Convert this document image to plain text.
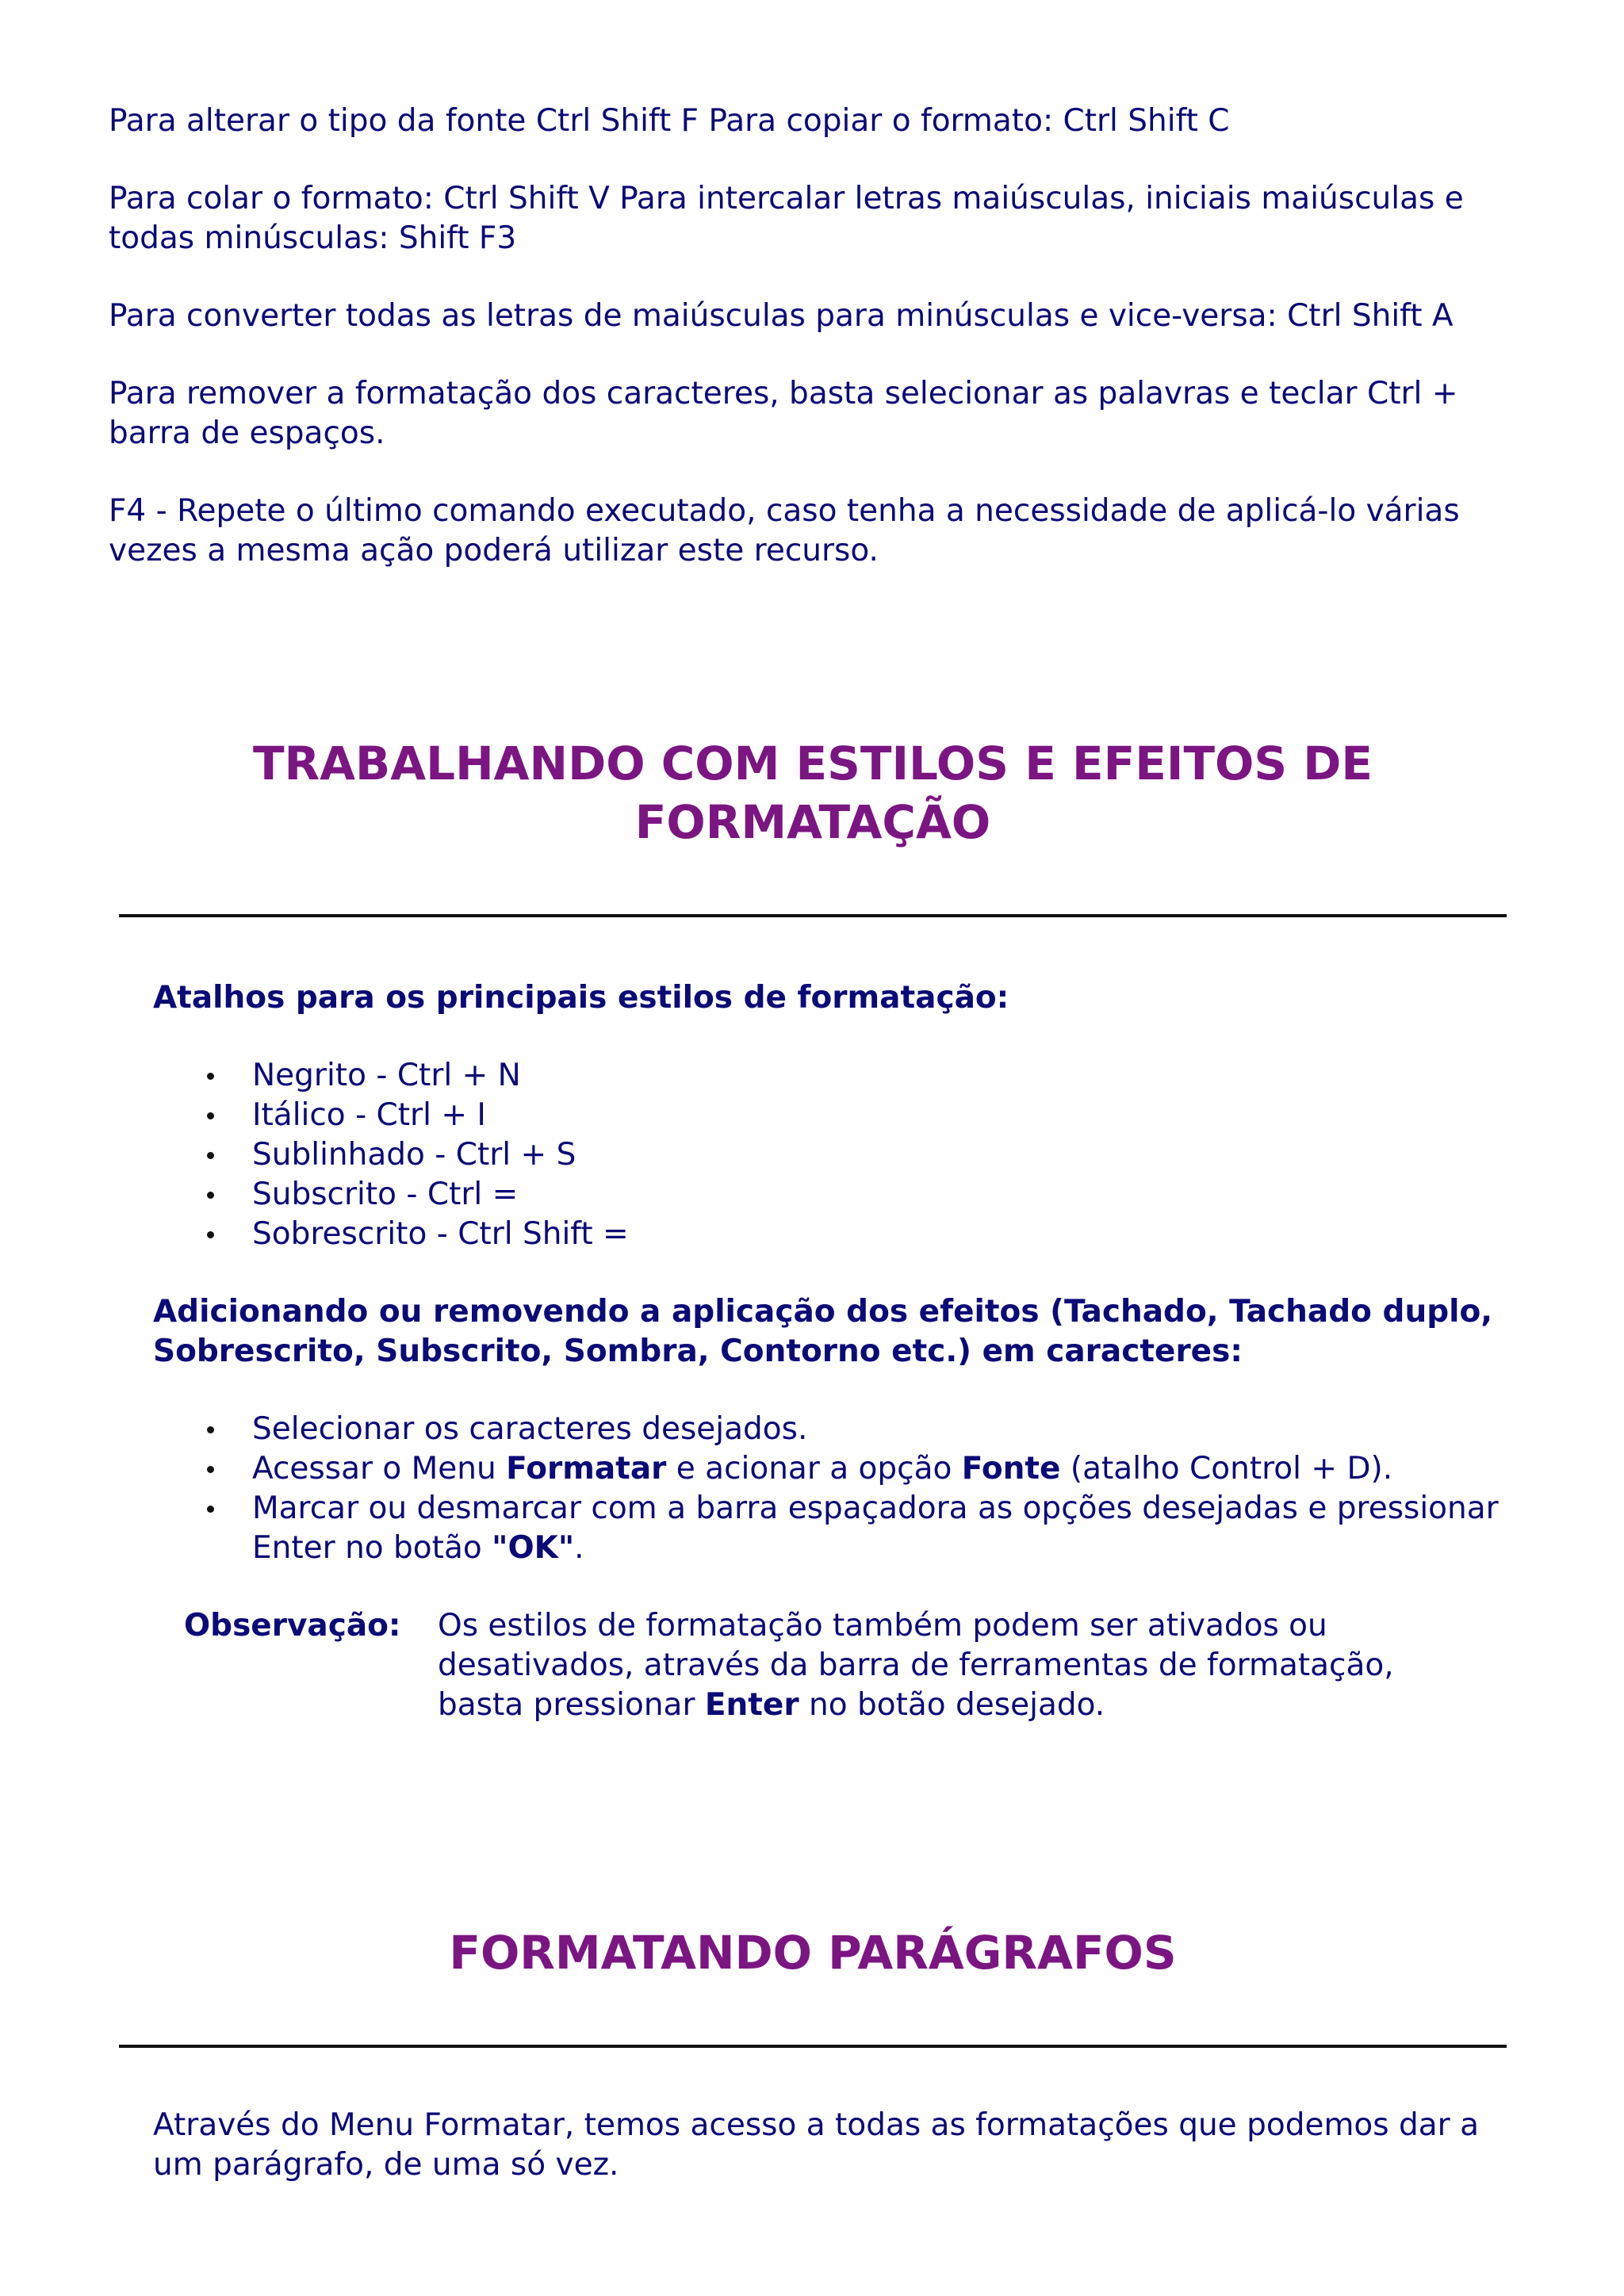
Para alterar o tipo da fonte Ctrl Shift F Para copiar o formato: Ctrl Shift C

Para colar o formato: Ctrl Shift V Para intercalar letras maiúsculas, iniciais maiúsculas e todas minúsculas: Shift F3

Para converter todas as letras de maiúsculas para minúsculas e vice-versa: Ctrl Shift A

Para remover a formatação dos caracteres, basta selecionar as palavras e teclar Ctrl + barra de espaços.

F4 - Repete o último comando executado, caso tenha a necessidade de aplicá-lo várias vezes a mesma ação poderá utilizar este recurso.

TRABALHANDO COM ESTILOS E EFEITOS DE
FORMATAÇÃO

Atalhos para os principais estilos de formatação:

Negrito - Ctrl + N
Itálico - Ctrl + I
Sublinhado - Ctrl + S
Subscrito - Ctrl =
Sobrescrito - Ctrl Shift =

Adicionando ou removendo a aplicação dos efeitos (Tachado, Tachado duplo, Sobrescrito, Subscrito, Sombra, Contorno etc.) em caracteres:

Selecionar os caracteres desejados.
Acessar o Menu Formatar e acionar a opção Fonte (atalho Control + D).
Marcar ou desmarcar com a barra espaçadora as opções desejadas e pressionar Enter no botão "OK".
Observação: Os estilos de formatação também podem ser ativados ou desativados, através da barra de ferramentas de formatação, basta pressionar Enter no botão desejado.
FORMATANDO PARÁGRAFOS

Através do Menu Formatar, temos acesso a todas as formatações que podemos dar a um parágrafo, de uma só vez.
